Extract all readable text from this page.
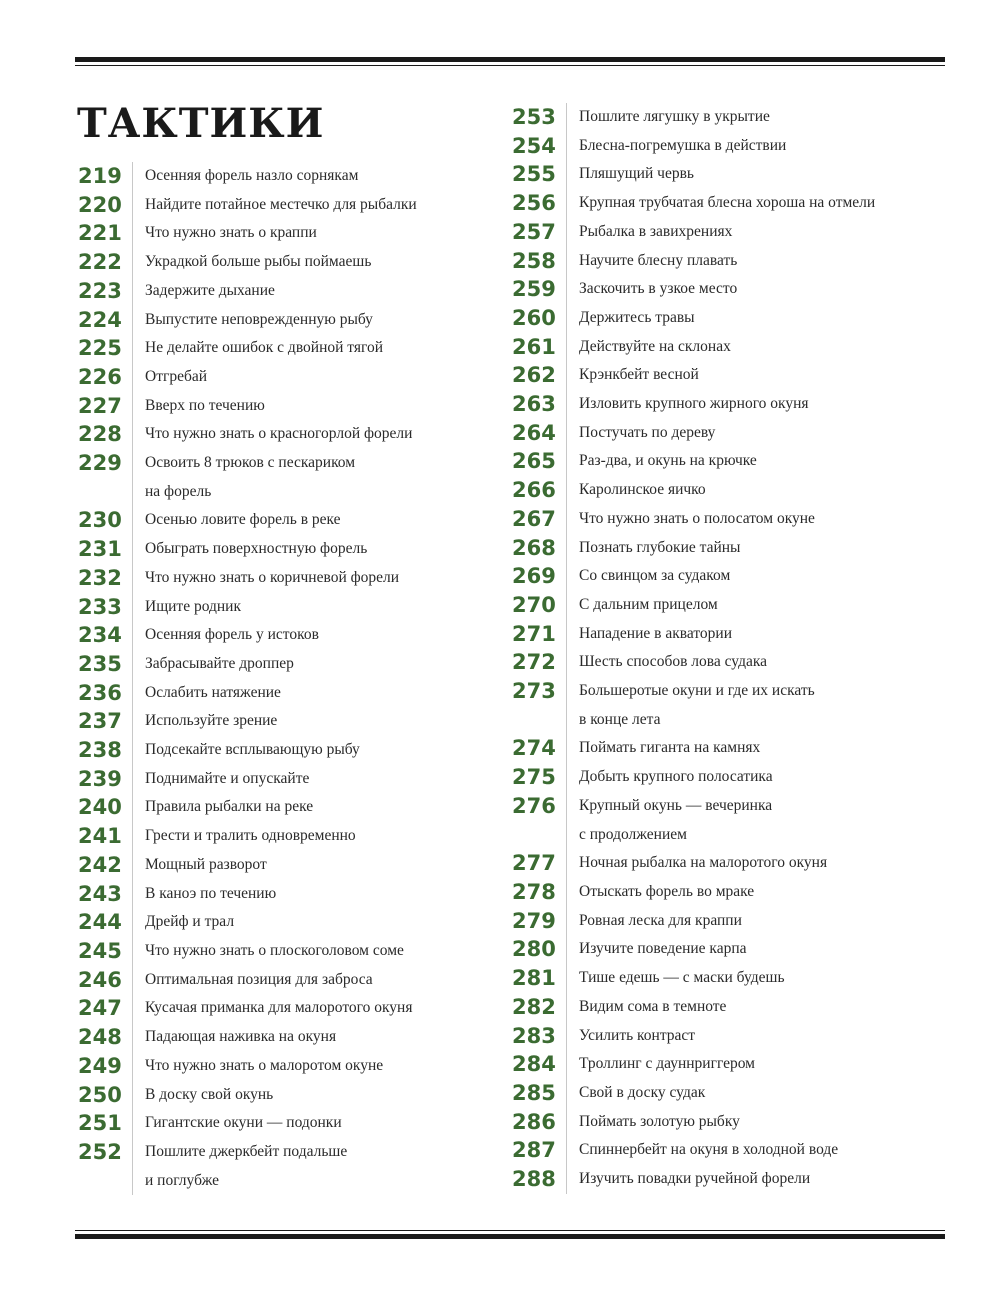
ТАКТИКИ
219	Осенняя форель назло сорнякам
220	Найдите потайное местечко для рыбалки
221	Что нужно знать о краппи
222	Украдкой больше рыбы поймаешь
223	Задержите дыхание
224	Выпустите неповрежденную рыбу
225	Не делайте ошибок с двойной тягой
226	Отгребай
227	Вверх по течению
228	Что нужно знать о красногорлой форели
229	Освоить 8 трюков с пескариком
на форель
230	Осенью ловите форель в реке
231	Обыграть поверхностную форель
232	Что нужно знать о коричневой форели
233	Ищите родник
234	Осенняя форель у истоков
235	Забрасывайте дроппер
236	Ослабить натяжение
237	Используйте зрение
238	Подсекайте всплывающую рыбу
239	Поднимайте и опускайте
240	Правила рыбалки на реке
241	Грести и тралить одновременно
242	Мощный разворот
243	В каноэ по течению
244	Дрейф и трал
245	Что нужно знать о плоскоголовом соме
246	Оптимальная позиция для заброса
247	Кусачая приманка для малоротого окуня
248	Падающая наживка на окуня
249	Что нужно знать о малоротом окуне
250	В доску свой окунь
251	Гигантские окуни — подонки
252	Пошлите джеркбейт подальше
и поглубже
253	Пошлите лягушку в укрытие
254	Блесна-погремушка в действии
255	Пляшущий червь
256	Крупная трубчатая блесна хороша на отмели
257	Рыбалка в завихрениях
258	Научите блесну плавать
259	Заскочить в узкое место
260	Держитесь травы
261	Действуйте на склонах
262	Крэнкбейт весной
263	Изловить крупного жирного окуня
264	Постучать по дереву
265	Раз-два, и окунь на крючке
266	Каролинское яичко
267	Что нужно знать о полосатом окуне
268	Познать глубокие тайны
269	Со свинцом за судаком
270	С дальним прицелом
271	Нападение в акватории
272	Шесть способов лова судака
273	Большеротые окуни и где их искать
в конце лета
274	Поймать гиганта на камнях
275	Добыть крупного полосатика
276	Крупный окунь — вечеринка
с продолжением
277	Ночная рыбалка на малоротого окуня
278	Отыскать форель во мраке
279	Ровная леска для краппи
280	Изучите поведение карпа
281	Тише едешь — с маски будешь
282	Видим сома в темноте
283	Усилить контраст
284	Троллинг с дауннриггером
285	Свой в доску судак
286	Поймать золотую рыбку
287	Спиннербейт на окуня в холодной воде
288	Изучить повадки ручейной форели
